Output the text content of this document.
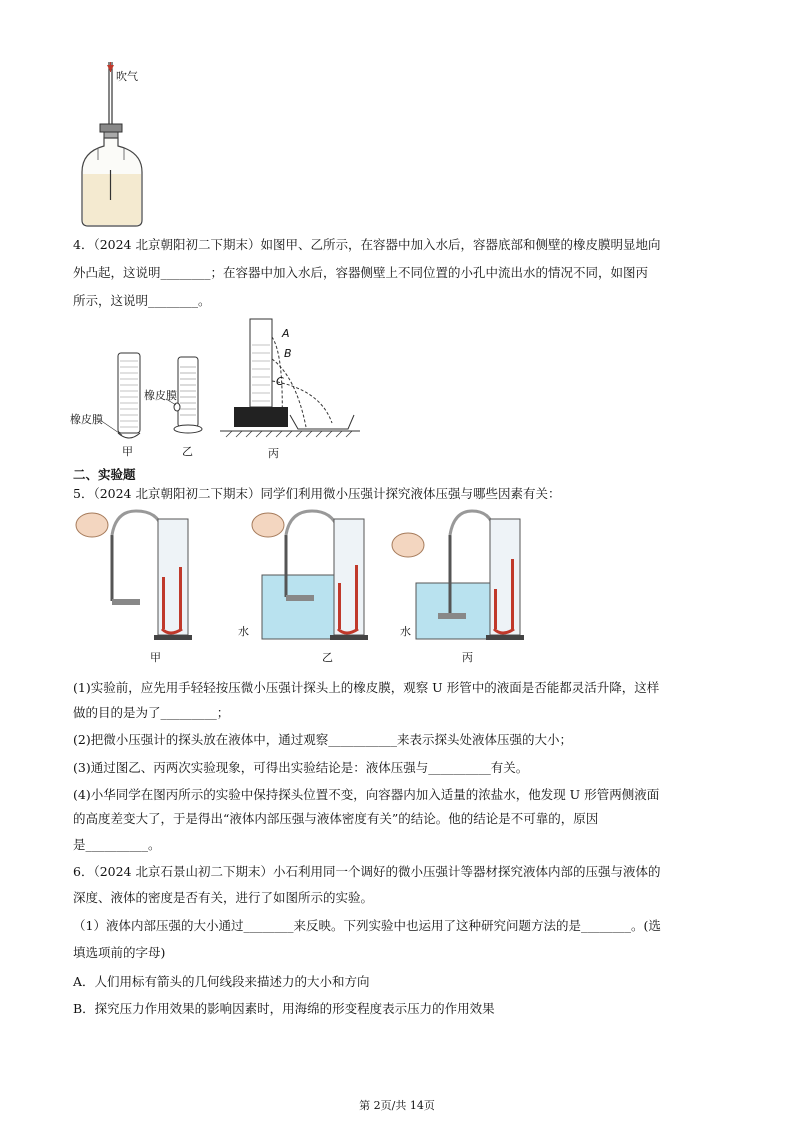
吹气
4．（2024 北京朝阳初二下期末）如图甲、乙所示，在容器中加入水后，容器底部和侧壁的橡皮膜明显地向
外凸起，这说明________；在容器中加入水后，容器侧壁上不同位置的小孔中流出水的情况不同，如图丙
所示，这说明________。
橡皮膜
橡皮膜
A
B
C
甲	乙	丙
二、实验题
5．（2024 北京朝阳初二下期末）同学们利用微小压强计探究液体压强与哪些因素有关：
水	水
甲	乙	丙
(1)实验前，应先用手轻轻按压微小压强计探头上的橡皮膜，观察 U 形管中的液面是否能都灵活升降，这样
做的目的是为了_________；
(2)把微小压强计的探头放在液体中，通过观察___________来表示探头处液体压强的大小；
(3)通过图乙、丙两次实验现象，可得出实验结论是：液体压强与__________有关。
(4)小华同学在图丙所示的实验中保持探头位置不变，向容器内加入适量的浓盐水，他发现 U 形管两侧液面
的高度差变大了，于是得出“液体内部压强与液体密度有关”的结论。他的结论是不可靠的，原因
是__________。
6．（2024 北京石景山初二下期末）小石利用同一个调好的微小压强计等器材探究液体内部的压强与液体的
深度、液体的密度是否有关，进行了如图所示的实验。
（1）液体内部压强的大小通过________来反映。下列实验中也运用了这种研究问题方法的是________。(选
填选项前的字母)
A．人们用标有箭头的几何线段来描述力的大小和方向
B．探究压力作用效果的影响因素时，用海绵的形变程度表示压力的作用效果
第 2页/共 14页
